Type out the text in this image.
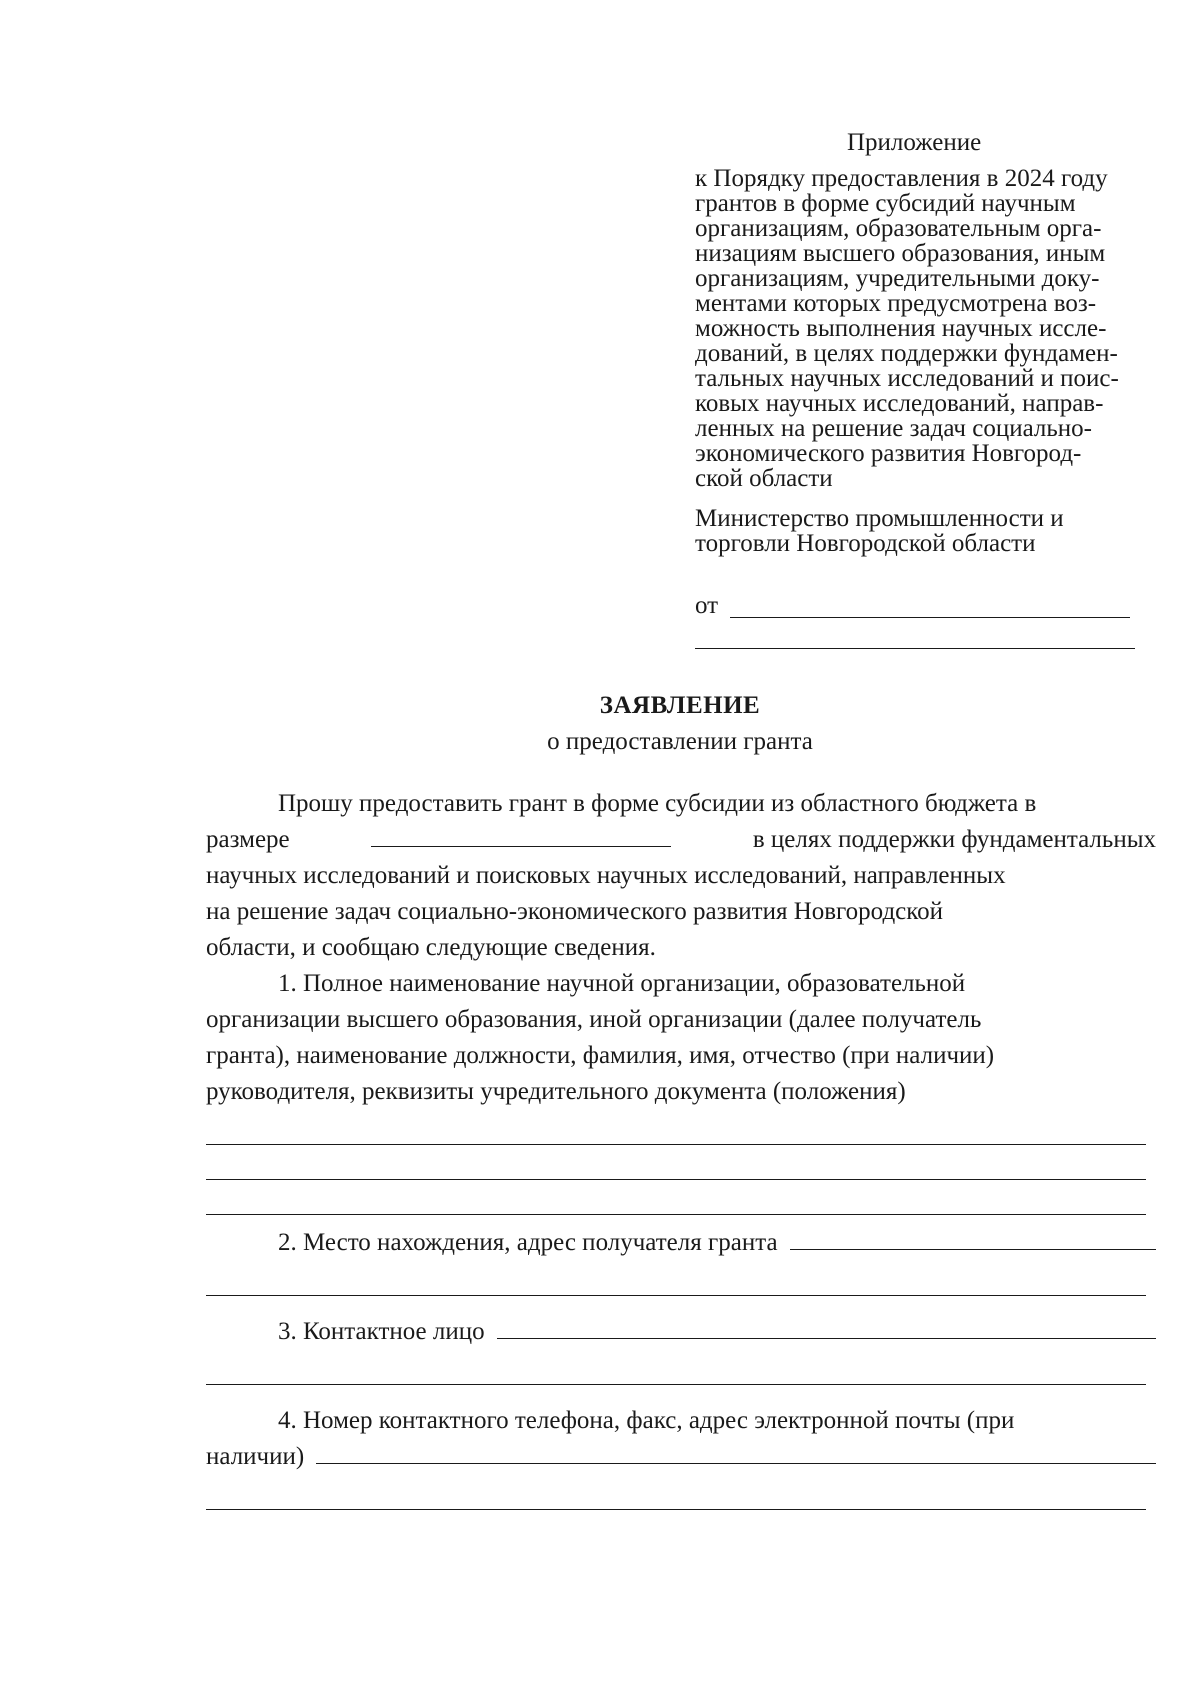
Приложение
к Порядку предоставления в 2024 году
грантов в форме субсидий научным
организациям, образовательным орга-
низациям высшего образования, иным
организациям, учредительными доку-
ментами которых предусмотрена воз-
можность выполнения научных иссле-
дований, в целях поддержки фундамен-
тальных научных исследований и поис-
ковых научных исследований, направ-
ленных на решение задач социально-
экономического развития Новгород-
ской области
Министерство промышленности и
торговли Новгородской области
от
ЗАЯВЛЕНИЕ
о предоставлении гранта
Прошу предоставить грант в форме субсидии из областного бюджета в
размере	в целях поддержки фундаментальных
научных исследований и поисковых научных исследований, направленных
на решение задач социально-экономического развития Новгородской
области, и сообщаю следующие сведения.
1. Полное наименование научной организации, образовательной
организации высшего образования, иной организации (далее получатель
гранта), наименование должности, фамилия, имя, отчество (при наличии)
руководителя, реквизиты учредительного документа (положения)
2. Место нахождения, адрес получателя гранта
3. Контактное лицо
4. Номер контактного телефона, факс, адрес электронной почты (при
наличии)
